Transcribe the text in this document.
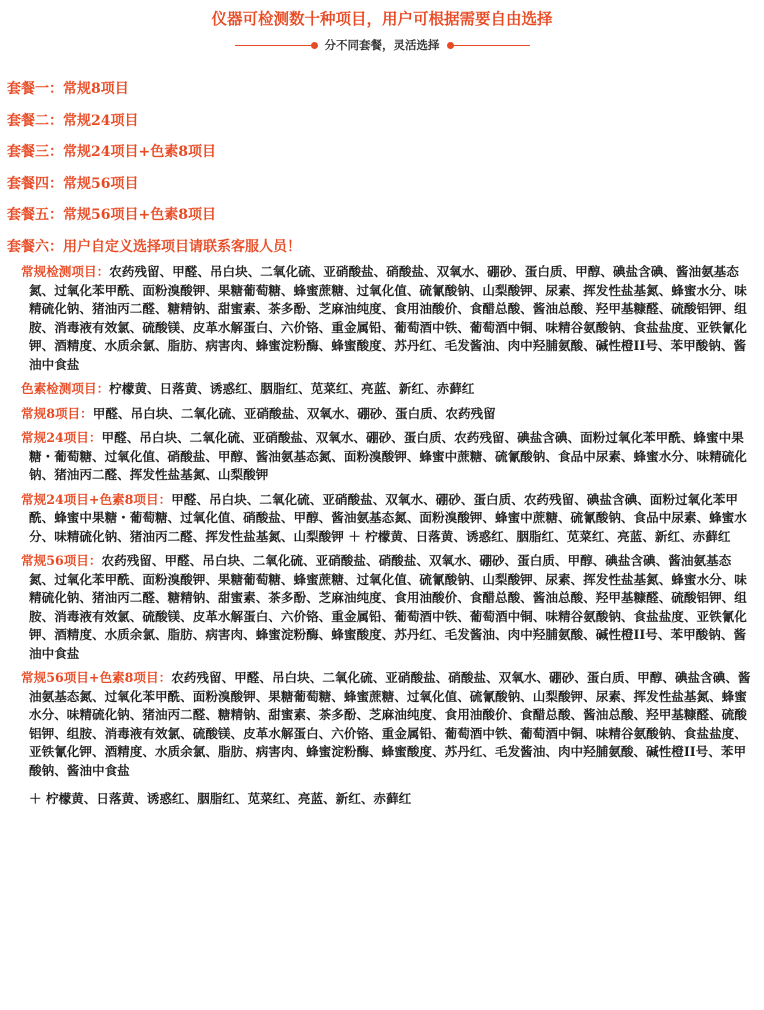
仪器可检测数十种项目，用户可根据需要自由选择
分不同套餐，灵活选择
套餐一：常规8项目
套餐二：常规24项目
套餐三：常规24项目+色素8项目
套餐四：常规56项目
套餐五：常规56项目+色素8项目
套餐六：用户自定义选择项目请联系客服人员！

常规检测项目：农药残留、甲醛、吊白块、二氧化硫、亚硝酸盐、硝酸盐、双氧水、硼砂、蛋白质、甲醇、碘盐含碘、酱油氨基态氮、过氧化苯甲酰、面粉溴酸钾、果糖葡萄糖、蜂蜜蔗糖、过氧化值、硫氰酸钠、山梨酸钾、尿素、挥发性盐基氮、蜂蜜水分、味精硫化钠、猪油丙二醛、糖精钠、甜蜜素、茶多酚、芝麻油纯度、食用油酸价、食醋总酸、酱油总酸、羟甲基糠醛、硫酸铝钾、组胺、消毒液有效氯、硫酸镁、皮革水解蛋白、六价铬、重金属铅、葡萄酒中铁、葡萄酒中铜、味精谷氨酸钠、食盐盐度、亚铁氰化钾、酒精度、水质余氯、脂肪、病害肉、蜂蜜淀粉酶、蜂蜜酸度、苏丹红、毛发酱油、肉中羟脯氨酸、碱性橙II号、苯甲酸钠、酱油中食盐

色素检测项目：柠檬黄、日落黄、诱惑红、胭脂红、苋菜红、亮蓝、新红、赤藓红

常规8项目：甲醛、吊白块、二氧化硫、亚硝酸盐、双氧水、硼砂、蛋白质、农药残留

常规24项目：甲醛、吊白块、二氧化硫、亚硝酸盐、双氧水、硼砂、蛋白质、农药残留、碘盐含碘、面粉过氧化苯甲酰、蜂蜜中果糖・葡萄糖、过氧化值、硝酸盐、甲醇、酱油氨基态氮、面粉溴酸钾、蜂蜜中蔗糖、硫氰酸钠、食品中尿素、蜂蜜水分、味精硫化钠、猪油丙二醛、挥发性盐基氮、山梨酸钾

常规24项目+色素8项目：甲醛、吊白块、二氧化硫、亚硝酸盐、双氧水、硼砂、蛋白质、农药残留、碘盐含碘、面粉过氧化苯甲酰、蜂蜜中果糖・葡萄糖、过氧化值、硝酸盐、甲醇、酱油氨基态氮、面粉溴酸钾、蜂蜜中蔗糖、硫氰酸钠、食品中尿素、蜂蜜水分、味精硫化钠、猪油丙二醛、挥发性盐基氮、山梨酸钾 ＋ 柠檬黄、日落黄、诱惑红、胭脂红、苋菜红、亮蓝、新红、赤藓红

常规56项目：农药残留、甲醛、吊白块、二氧化硫、亚硝酸盐、硝酸盐、双氧水、硼砂、蛋白质、甲醇、碘盐含碘、酱油氨基态氮、过氧化苯甲酰、面粉溴酸钾、果糖葡萄糖、蜂蜜蔗糖、过氧化值、硫氰酸钠、山梨酸钾、尿素、挥发性盐基氮、蜂蜜水分、味精硫化钠、猪油丙二醛、糖精钠、甜蜜素、茶多酚、芝麻油纯度、食用油酸价、食醋总酸、酱油总酸、羟甲基糠醛、硫酸铝钾、组胺、消毒液有效氯、硫酸镁、皮革水解蛋白、六价铬、重金属铅、葡萄酒中铁、葡萄酒中铜、味精谷氨酸钠、食盐盐度、亚铁氰化钾、酒精度、水质余氯、脂肪、病害肉、蜂蜜淀粉酶、蜂蜜酸度、苏丹红、毛发酱油、肉中羟脯氨酸、碱性橙II号、苯甲酸钠、酱油中食盐

常规56项目+色素8项目：农药残留、甲醛、吊白块、二氧化硫、亚硝酸盐、硝酸盐、双氧水、硼砂、蛋白质、甲醇、碘盐含碘、酱油氨基态氮、过氧化苯甲酰、面粉溴酸钾、果糖葡萄糖、蜂蜜蔗糖、过氧化值、硫氰酸钠、山梨酸钾、尿素、挥发性盐基氮、蜂蜜水分、味精硫化钠、猪油丙二醛、糖精钠、甜蜜素、茶多酚、芝麻油纯度、食用油酸价、食醋总酸、酱油总酸、羟甲基糠醛、硫酸铝钾、组胺、消毒液有效氯、硫酸镁、皮革水解蛋白、六价铬、重金属铅、葡萄酒中铁、葡萄酒中铜、味精谷氨酸钠、食盐盐度、亚铁氰化钾、酒精度、水质余氯、脂肪、病害肉、蜂蜜淀粉酶、蜂蜜酸度、苏丹红、毛发酱油、肉中羟脯氨酸、碱性橙II号、苯甲酸钠、酱油中食盐

＋ 柠檬黄、日落黄、诱惑红、胭脂红、苋菜红、亮蓝、新红、赤藓红
